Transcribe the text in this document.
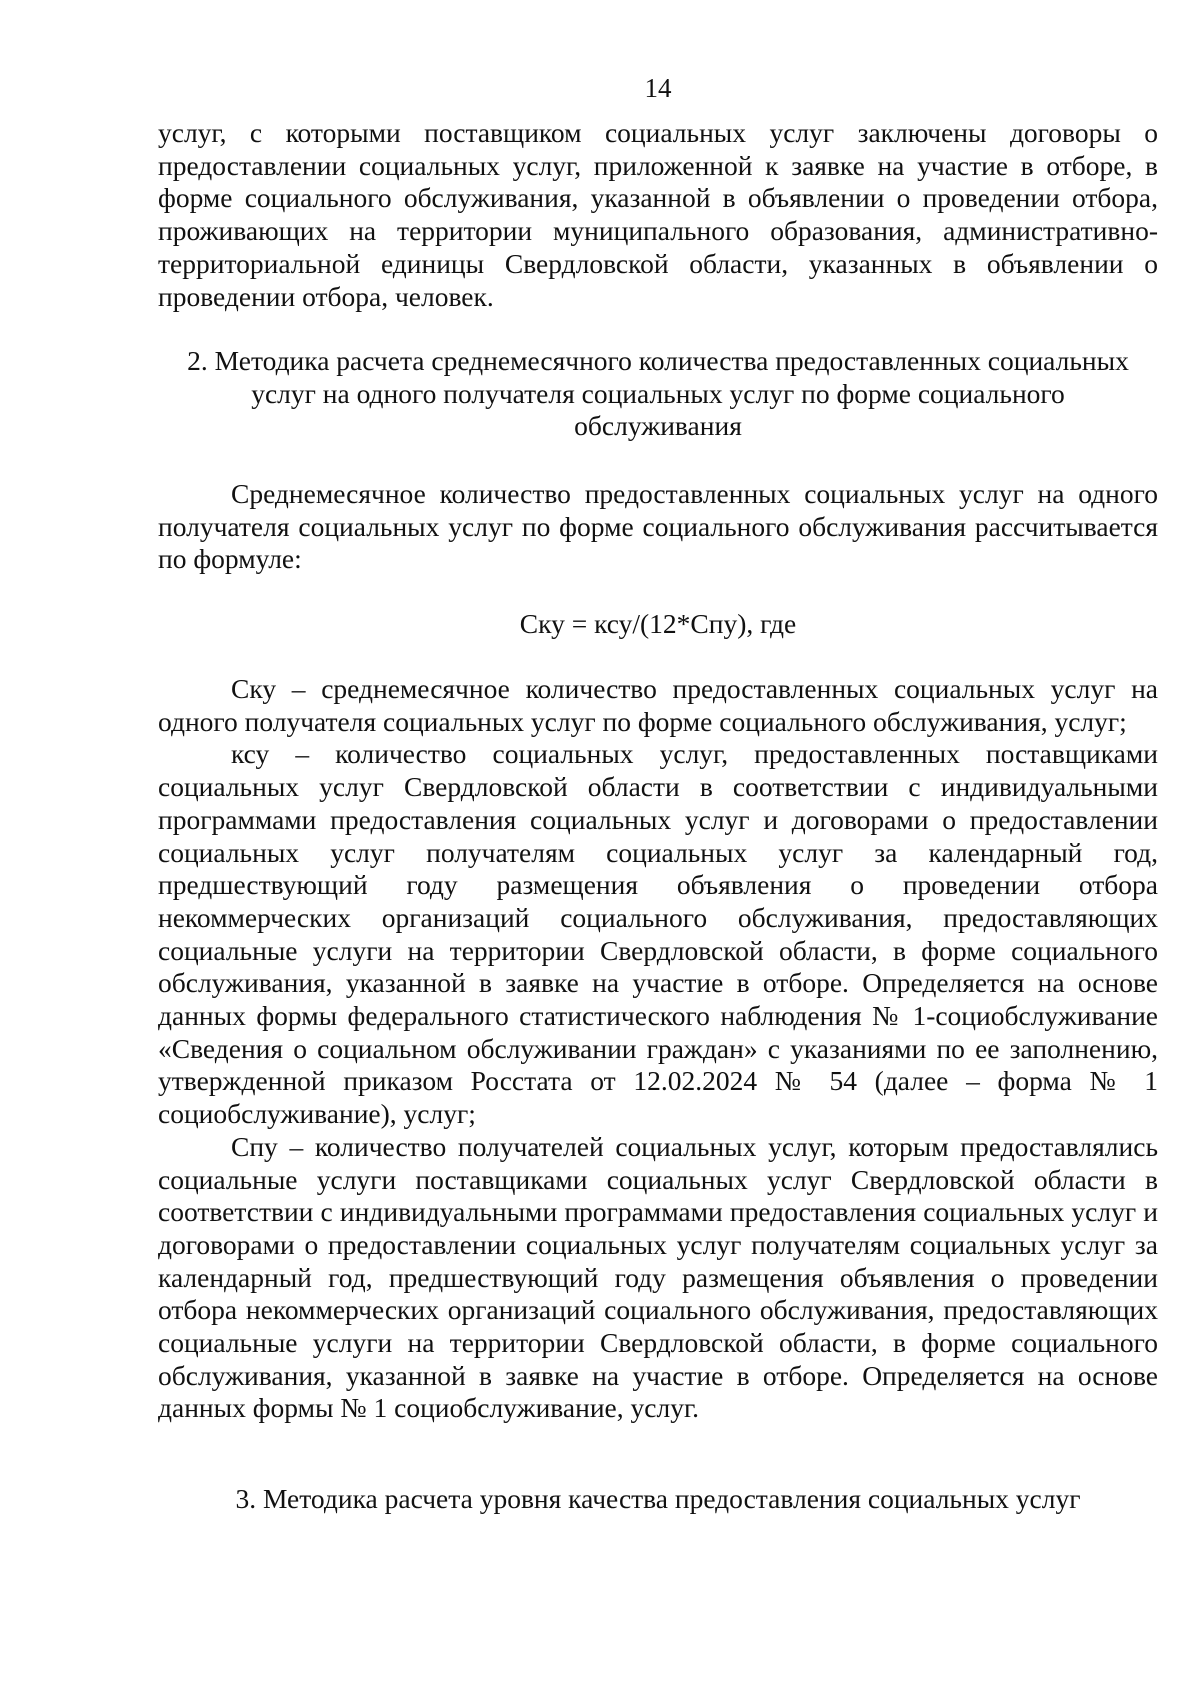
14

услуг, с которыми поставщиком социальных услуг заключены договоры о предоставлении социальных услуг, приложенной к заявке на участие в отборе, в форме социального обслуживания, указанной в объявлении о проведении отбора, проживающих на территории муниципального образования, административно-территориальной единицы Свердловской области, указанных в объявлении о проведении отбора, человек.

2. Методика расчета среднемесячного количества предоставленных социальных

услуг на одного получателя социальных услуг по форме социального

обслуживания

Среднемесячное количество предоставленных социальных услуг на одного получателя социальных услуг по форме социального обслуживания рассчитывается по формуле:

Cку = ксу/(12*Cпу), где

Cку – среднемесячное количество предоставленных социальных услуг на одного получателя социальных услуг по форме социального обслуживания, услуг;

ксу – количество социальных услуг, предоставленных поставщиками социальных услуг Свердловской области в соответствии с индивидуальными программами предоставления социальных услуг и договорами о предоставлении социальных услуг получателям социальных услуг за календарный год, предшествующий году размещения объявления о проведении отбора некоммерческих организаций социального обслуживания, предоставляющих социальные услуги на территории Свердловской области, в форме социального обслуживания, указанной в заявке на участие в отборе. Определяется на основе данных формы федерального статистического наблюдения № 1-социобслуживание «Сведения о социальном обслуживании граждан» с указаниями по ее заполнению, утвержденной приказом Росстата от 12.02.2024 № 54 (далее – форма № 1 социобслуживание), услуг;

Cпу – количество получателей социальных услуг, которым предоставлялись социальные услуги поставщиками социальных услуг Свердловской области в соответствии с индивидуальными программами предоставления социальных услуг и договорами о предоставлении социальных услуг получателям социальных услуг за календарный год, предшествующий году размещения объявления о проведении отбора некоммерческих организаций социального обслуживания, предоставляющих социальные услуги на территории Свердловской области, в форме социального обслуживания, указанной в заявке на участие в отборе. Определяется на основе данных формы № 1 социобслуживание, услуг.

3. Методика расчета уровня качества предоставления социальных услуг
